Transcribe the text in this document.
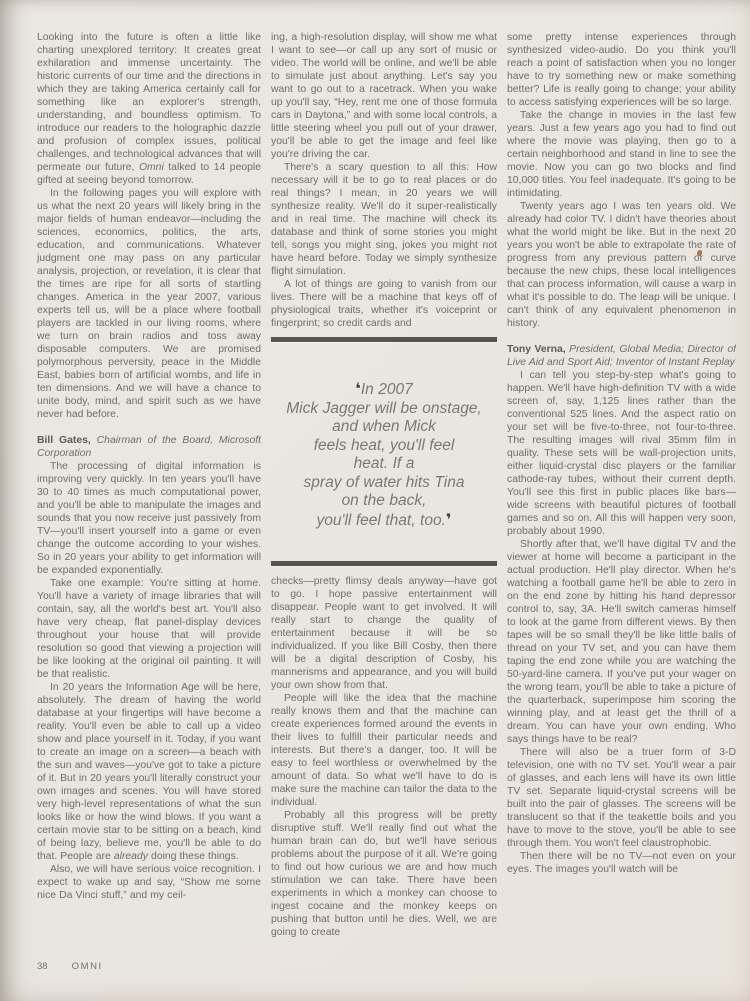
Looking into the future is often a little like charting unexplored territory: It creates great exhilaration and immense uncertainty. The historic currents of our time and the directions in which they are taking America certainly call for something like an explorer's strength, understanding, and boundless optimism. To introduce our readers to the holographic dazzle and profusion of complex issues, political challenges, and technological advances that will permeate our future, Omni talked to 14 people gifted at seeing beyond tomorrow.

In the following pages you will explore with us what the next 20 years will likely bring in the major fields of human endeavor—including the sciences, economics, politics, the arts, education, and communications. Whatever judgment one may pass on any particular analysis, projection, or revelation, it is clear that the times are ripe for all sorts of startling changes. America in the year 2007, various experts tell us, will be a place where football players are tackled in our living rooms, where we turn on brain radios and toss away disposable computers. We are promised polymorphous perversity, peace in the Middle East, babies born of artificial wombs, and life in ten dimensions. And we will have a chance to unite body, mind, and spirit such as we have never had before.

Bill Gates, Chairman of the Board, Microsoft Corporation

The processing of digital information is improving very quickly. In ten years you'll have 30 to 40 times as much computational power, and you'll be able to manipulate the images and sounds that you now receive just passively from TV—you'll insert yourself into a game or even change the outcome according to your wishes. So in 20 years your ability to get information will be expanded exponentially.

Take one example: You're sitting at home. You'll have a variety of image libraries that will contain, say, all the world's best art. You'll also have very cheap, flat panel-display devices throughout your house that will provide resolution so good that viewing a projection will be like looking at the original oil painting. It will be that realistic.

In 20 years the Information Age will be here, absolutely. The dream of having the world database at your fingertips will have become a reality. You'll even be able to call up a video show and place yourself in it. Today, if you want to create an image on a screen—a beach with the sun and waves—you've got to take a picture of it. But in 20 years you'll literally construct your own images and scenes. You will have stored very high-level representations of what the sun looks like or how the wind blows. If you want a certain movie star to be sitting on a beach, kind of being lazy, believe me, you'll be able to do that. People are already doing these things.

Also, we will have serious voice recognition. I expect to wake up and say, “Show me some nice Da Vinci stuff,” and my ceil-

ing, a high-resolution display, will show me what I want to see—or call up any sort of music or video. The world will be online, and we'll be able to simulate just about anything. Let's say you want to go out to a racetrack. When you wake up you'll say, “Hey, rent me one of those formula cars in Daytona,” and with some local controls, a little steering wheel you pull out of your drawer, you'll be able to get the image and feel like you're driving the car.

There's a scary question to all this: How necessary will it be to go to real places or do real things? I mean, in 20 years we will synthesize reality. We'll do it super-realistically and in real time. The machine will check its database and think of some stories you might tell, songs you might sing, jokes you might not have heard before. Today we simply synthesize flight simulation.

A lot of things are going to vanish from our lives. There will be a machine that keys off of physiological traits, whether it's voiceprint or fingerprint; so credit cards and

❛In 2007
Mick Jagger will be onstage,
and when Mick
feels heat, you'll feel
heat. If a
spray of water hits Tina
on the back,
you'll feel that, too.❜

checks—pretty flimsy deals anyway—have got to go. I hope passive entertainment will disappear. People want to get involved. It will really start to change the quality of entertainment because it will be so individualized. If you like Bill Cosby, then there will be a digital description of Cosby, his mannerisms and appearance, and you will build your own show from that.

People will like the idea that the machine really knows them and that the machine can create experiences formed around the events in their lives to fulfill their particular needs and interests. But there's a danger, too. It will be easy to feel worthless or overwhelmed by the amount of data. So what we'll have to do is make sure the machine can tailor the data to the individual.

Probably all this progress will be pretty disruptive stuff. We'll really find out what the human brain can do, but we'll have serious problems about the purpose of it all. We're going to find out how curious we are and how much stimulation we can take. There have been experiments in which a monkey can choose to ingest cocaine and the monkey keeps on pushing that button until he dies. Well, we are going to create

some pretty intense experiences through synthesized video-audio. Do you think you'll reach a point of satisfaction when you no longer have to try something new or make something better? Life is really going to change; your ability to access satisfying experiences will be so large.

Take the change in movies in the last few years. Just a few years ago you had to find out where the movie was playing, then go to a certain neighborhood and stand in line to see the movie. Now you can go two blocks and find 10,000 titles. You feel inadequate. It's going to be intimidating.

Twenty years ago I was ten years old. We already had color TV. I didn't have theories about what the world might be like. But in the next 20 years you won't be able to extrapolate the rate of progress from any previous pattern or curve because the new chips, these local intelligences that can process information, will cause a warp in what it's possible to do. The leap will be unique. I can't think of any equivalent phenomenon in history.

Tony Verna, President, Global Media; Director of Live Aid and Sport Aid; Inventor of Instant Replay

I can tell you step-by-step what's going to happen. We'll have high-definition TV with a wide screen of, say, 1,125 lines rather than the conventional 525 lines. And the aspect ratio on your set will be five-to-three, not four-to-three. The resulting images will rival 35mm film in quality. These sets will be wall-projection units, either liquid-crystal disc players or the familiar cathode-ray tubes, without their current depth. You'll see this first in public places like bars—wide screens with beautiful pictures of football games and so on. All this will happen very soon, probably about 1990.

Shortly after that, we'll have digital TV and the viewer at home will become a participant in the actual production. He'll play director. When he's watching a football game he'll be able to zero in on the end zone by hitting his hand depressor control to, say, 3A. He'll switch cameras himself to look at the game from different views. By then tapes will be so small they'll be like little balls of thread on your TV set, and you can have them taping the end zone while you are watching the 50-yard-line camera. If you've put your wager on the wrong team, you'll be able to take a picture of the quarterback, superimpose him scoring the winning play, and at least get the thrill of a dream. You can have your own ending. Who says things have to be real?

There will also be a truer form of 3-D television, one with no TV set. You'll wear a pair of glasses, and each lens will have its own little TV set. Separate liquid-crystal screens will be built into the pair of glasses. The screens will be translucent so that if the teakettle boils and you have to move to the stove, you'll be able to see through them. You won't feel claustrophobic.

Then there will be no TV—not even on your eyes. The images you'll watch will be

38	OMNI
